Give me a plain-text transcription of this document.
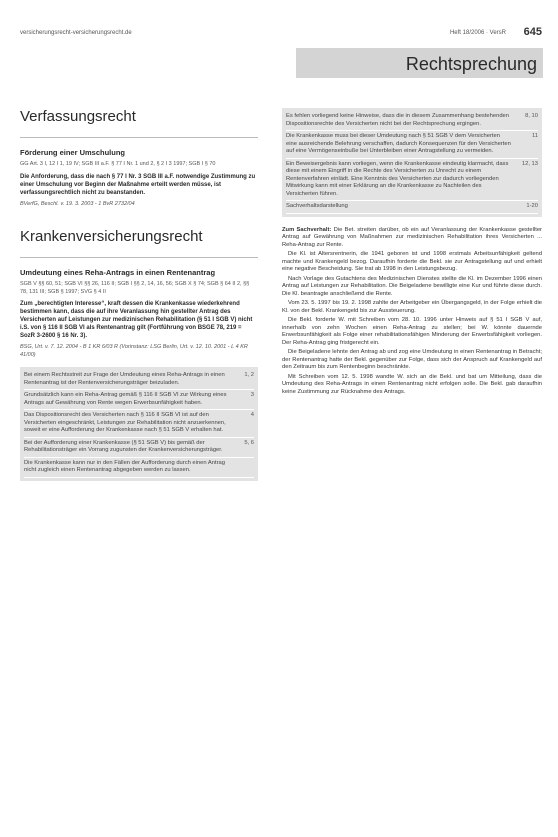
versicherungsrecht-versicherungsrecht.de	Heft 18/2006 · VersR 645
Rechtsprechung
Verfassungsrecht
Förderung einer Umschulung
GG Art. 3 I, 12 I 1, 19 IV; SGB III a.F. § 77 I Nr. 1 und 2, § 2 I 3 1997; SGB I § 70
Die Anforderung, dass die nach § 77 I Nr. 3 SGB III a.F. notwendige Zustimmung zu einer Umschulung vor Beginn der Maßnahme erteilt werden müsse, ist verfassungsrechtlich nicht zu beanstanden.
BVerfG, Beschl. v. 19. 3. 2003 - 1 BvR 2732/04
Krankenversicherungsrecht
Umdeutung eines Reha-Antrags in einen Rentenantrag
SGB V §§ 60, 51; SGB VI §§ 26, 116 II; SGB I §§ 2, 14, 16, 56; SGB X § 74; SGB § 64 II 2, §§ 78, 131 III; SGB § 1997; SVG § 4 II
Zum „berechtigten Interesse“, kraft dessen die Krankenkasse wiederkehrend bestimmen kann, dass die auf ihre Veranlassung hin gestellter Antrag des Versicherten auf Leistungen zur medizinischen Rehabilitation (§ 51 I SGB V) nicht i.S. von § 116 II SGB VI als Rentenantrag gilt (Fortführung von BSGE 78, 219 = SozR 3-2600 § 16 Nr. 3).
BSG, Urt. v. 7. 12. 2004 - B 1 KR 6/03 R (Vorinstanz: LSG Berlin, Urt. v. 12. 10. 2001 - L 4 KR 41/00)
Bei einem Rechtsstreit zur Frage der Umdeutung eines Reha-Antrags in einen Rentenantrag ist der Rentenversicherungsträger beizuladen.
1, 2
Grundsätzlich kann ein Reha-Antrag gemäß § 116 II SGB VI zur Wirkung eines Antrags auf Gewährung von Rente wegen Erwerbsunfähigkeit haben.
3
Das Dispositionsrecht des Versicherten nach § 116 II SGB VI ist auf den Versicherten eingeschränkt, Leistungen zur Rehabilitation nicht anzuerkennen, soweit er eine Aufforderung der Krankenkasse nach § 51 SGB V erhalten hat.
4
Bei der Aufforderung einer Krankenkasse (§ 51 SGB V) bis gemäß der Rehabilitationsträger ein Vorrang zugunsten der Krankenversicherungsträger.
5, 6
Die Krankenkasse kann nur in den Fällen der Aufforderung durch einen Antrag nicht zugleich einen Rentenantrag abgegeben werden zu lassen.
Es fehlen vorliegend keine Hinweise, dass die in diesem Zusammenhang bestehenden Dispositionsrechte des Versicherten nicht bei der Rechtsprechung ergingen.
8, 10
Die Krankenkasse muss bei dieser Umdeutung nach § 51 SGB V dem Versicherten eine ausreichende Belehrung verschaffen, dadurch Konsequenzen für den Versicherten auf eine Vermögenseinbuße bei Unterbleiben einer Antragstellung zu vermeiden.
11
Ein Beweisergebnis kann vorliegen, wenn die Krankenkasse eindeutig klarmacht, dass diese mit einem Eingriff in die Rechte des Versicherten zu Unrecht zu einem Rentenverfahren einlädt. Eine Kenntnis des Versicherten zur dadurch vorliegenden Mitwirkung kann mit einer Erklärung an die Krankenkasse zu Nachteilen des Versicherten führen.
12, 13
Sachverhaltsdarstellung	1-20

Zum Sachverhalt: Die Bet. streiten darüber, ob ein auf Veranlassung der Krankenkasse gestellter Antrag auf Gewährung von Maßnahmen zur medizinischen Rehabilitation ihres Versicherten ... Reha-Antrag zur Rente.

Die Kl. ist Altersrentnerin, die 1941 geboren ist und 1998 erstmals Arbeitsunfähigkeit geltend machte und Krankengeld bezog. Daraufhin forderte die Bekl. sie zur Antragstellung auf und erhielt eine negative Bescheidung. Sie trat ab 1998 in den Leistungsbezug.

Nach Vorlage des Gutachtens des Medizinischen Dienstes stellte die Kl. im Dezember 1996 einen Antrag auf Leistungen zur Rehabilitation. Die Beigeladene bewilligte eine Kur und führte diese durch. Die Kl. beantragte anschließend die Rente.

Vom 23. 5. 1997 bis 19. 2. 1998 zahlte der Arbeitgeber ein Übergangsgeld, in der Folge erhielt die Kl. von der Bekl. Krankengeld bis zur Aussteuerung.

Die Bekl. forderte W. mit Schreiben vom 28. 10. 1996 unter Hinweis auf § 51 I SGB V auf, innerhalb von zehn Wochen einen Reha-Antrag zu stellen; bei W. könnte dauernde Erwerbsunfähigkeit als Folge einer rehabilitationsfähigen Minderung der Erwerbsfähigkeit vorliegen. Der Reha-Antrag ging fristgerecht ein.

Die Beigeladene lehnte den Antrag ab und zog eine Umdeutung in einen Rentenantrag in Betracht; der Rentenantrag hatte der Bekl. gegenüber zur Folge, dass sich der Anspruch auf Krankengeld auf den Zeitraum bis zum Rentenbeginn beschränkte.

Mit Schreiben vom 12. 5. 1998 wandte W. sich an die Bekl. und bat um Mitteilung, dass die Umdeutung des Reha-Antrags in einen Rentenantrag nicht erfolgen solle. Die Bekl. gab daraufhin keine Zustimmung zur Rücknahme des Antrags.
